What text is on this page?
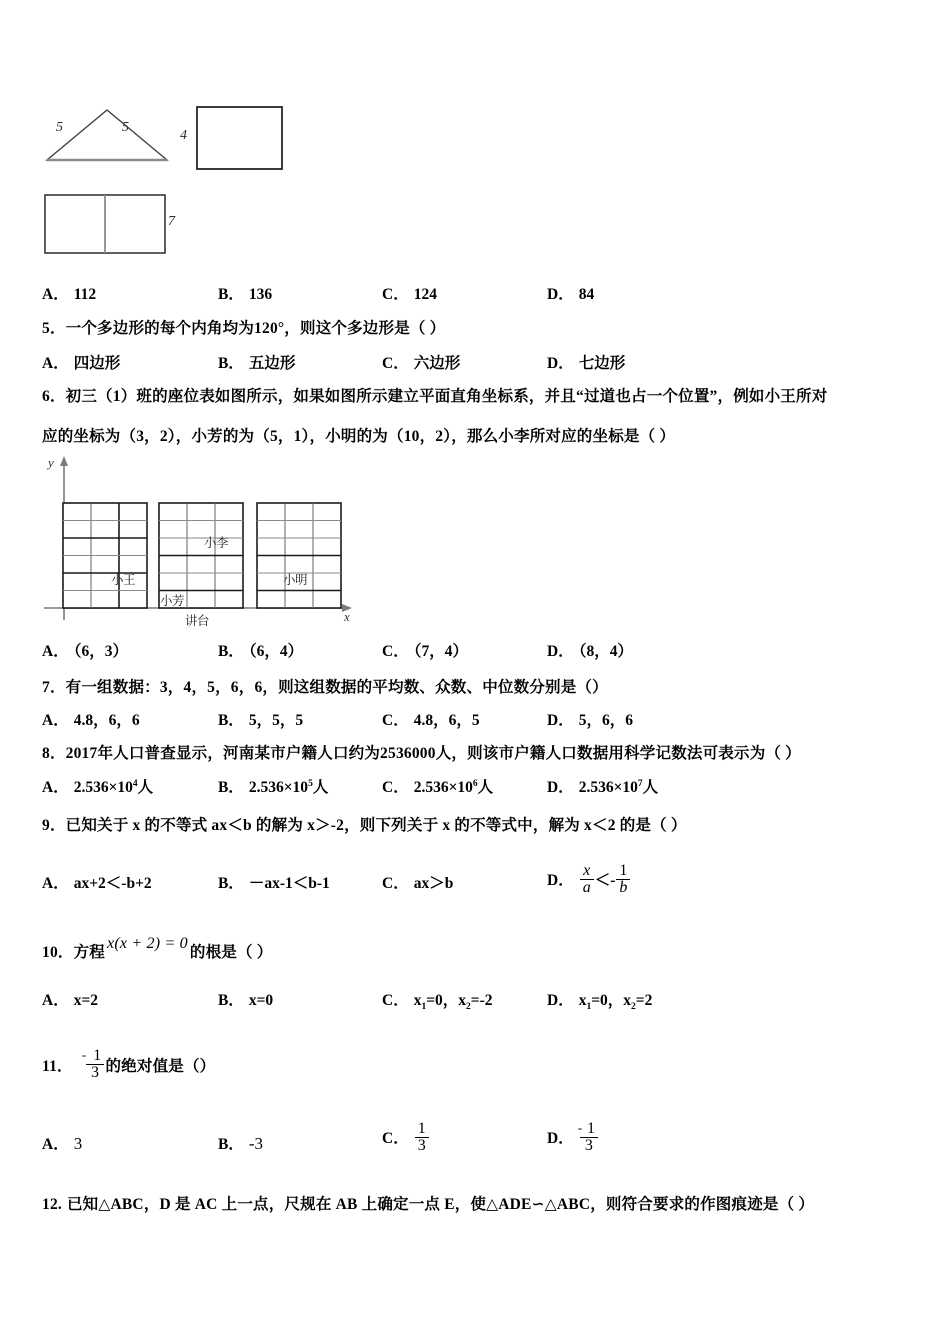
5	5
4
7
A． 112	B． 136	C． 124	D． 84
5．一个多边形的每个内角均为120°，则这个多边形是（ ）
A． 四边形	B． 五边形	C． 六边形	D． 七边形
6．初三（1）班的座位表如图所示，如果如图所示建立平面直角坐标系，并且“过道也占一个位置”，例如小王所对
应的坐标为（3，2），小芳的为（5，1），小明的为（10，2），那么小李所对应的坐标是（ ）
y
x
小王
小芳
小李
小明
讲台
A． （6，3）	B． （6，4）	C． （7，4）	D． （8，4）
7．有一组数据：3，4，5，6，6，则这组数据的平均数、众数、中位数分别是（）
A． 4.8，6，6	B． 5，5，5	C． 4.8，6，5	D． 5，6，6
8．2017年人口普查显示，河南某市户籍人口约为2536000人，则该市户籍人口数据用科学记数法可表示为（ ）
A． $2.536\times 10^4$人	B． $2.536\times 10^5$人	C． $2.536\times 10^6$人	D． $2.536\times 10^7$人
9．已知关于 x 的不等式 ax＜b 的解为 x＞-2，则下列关于 x 的不等式中，解为 x＜2 的是（ ）
A． ax+2＜-b+2	B． －ax-1＜b-1	C． ax＞b	D． $\frac{x}{a} <- \frac{1}{b}$
10．方程x(x + 2) = 0的根是（ ）
A． x=2	B． x=0	C． $x_1=0$，$x_2=-2$	D． $x_1=0$，$x_2=2$
11． $\frac{- 1}{3}$ 的绝对值是（）
A． 3	B． -3	C． $\frac{1}{3}$	D． $\frac{- 1}{3}$
12. 已知△ABC，D 是 AC 上一点，尺规在 AB 上确定一点 E，使△ADE∽△ABC，则符合要求的作图痕迹是（ ）
